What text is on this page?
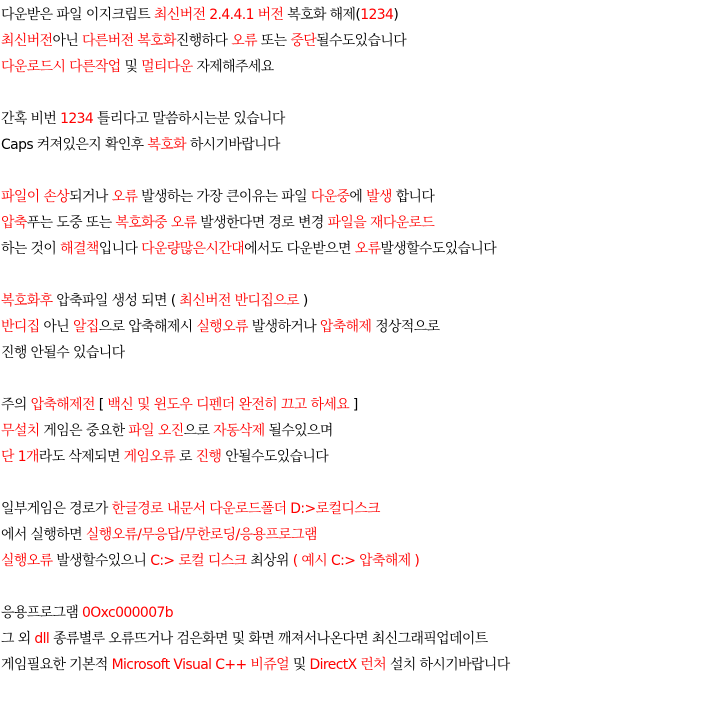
다운받은 파일 이지크립트 최신버전 2.4.4.1 버전 복호화 해제(1234)
최신버전아닌 다른버전 복호화진행하다 오류 또는 중단될수도있습니다
다운로드시 다른작업 및 멀티다운 자제해주세요
간혹 비번 1234 틀리다고 말씀하시는분 있습니다
Caps 켜져있은지 확인후 복호화 하시기바랍니다
파일이 손상되거나 오류 발생하는 가장 큰이유는 파일 다운중에 발생 합니다
압축푸는 도중 또는 복호화중 오류 발생한다면 경로 변경 파일을 재다운로드
하는 것이 해결책입니다 다운량많은시간대에서도 다운받으면 오류발생할수도있습니다
복호화후 압축파일 생성 되면 ( 최신버전 반디집으로 )
반디집 아닌 알집으로 압축해제시 실행오류 발생하거나 압축해제 정상적으로
진행 안될수 있습니다
주의 압축해제전 [ 백신 및 윈도우 디펜더 완전히 끄고 하세요 ]
무설치 게임은 중요한 파일 오진으로 자동삭제 될수있으며
단 1개라도 삭제되면 게임오류 로 진행 안될수도있습니다
일부게임은 경로가 한글경로 내문서 다운로드폴더 D:>로컬디스크
에서 실행하면 실행오류/무응답/무한로딩/응용프로그램
실행오류 발생할수있으니 C:> 로컬 디스크 최상위 ( 예시 C:> 압축해제 )
응용프로그램 0Oxc000007b
그 외 dll 종류별루 오류뜨거나 검은화면 및 화면 깨져서나온다면 최신그래픽업데이트
게임필요한 기본적 Microsoft Visual C++ 비쥬얼 및 DirectX 런처 설치 하시기바랍니다
